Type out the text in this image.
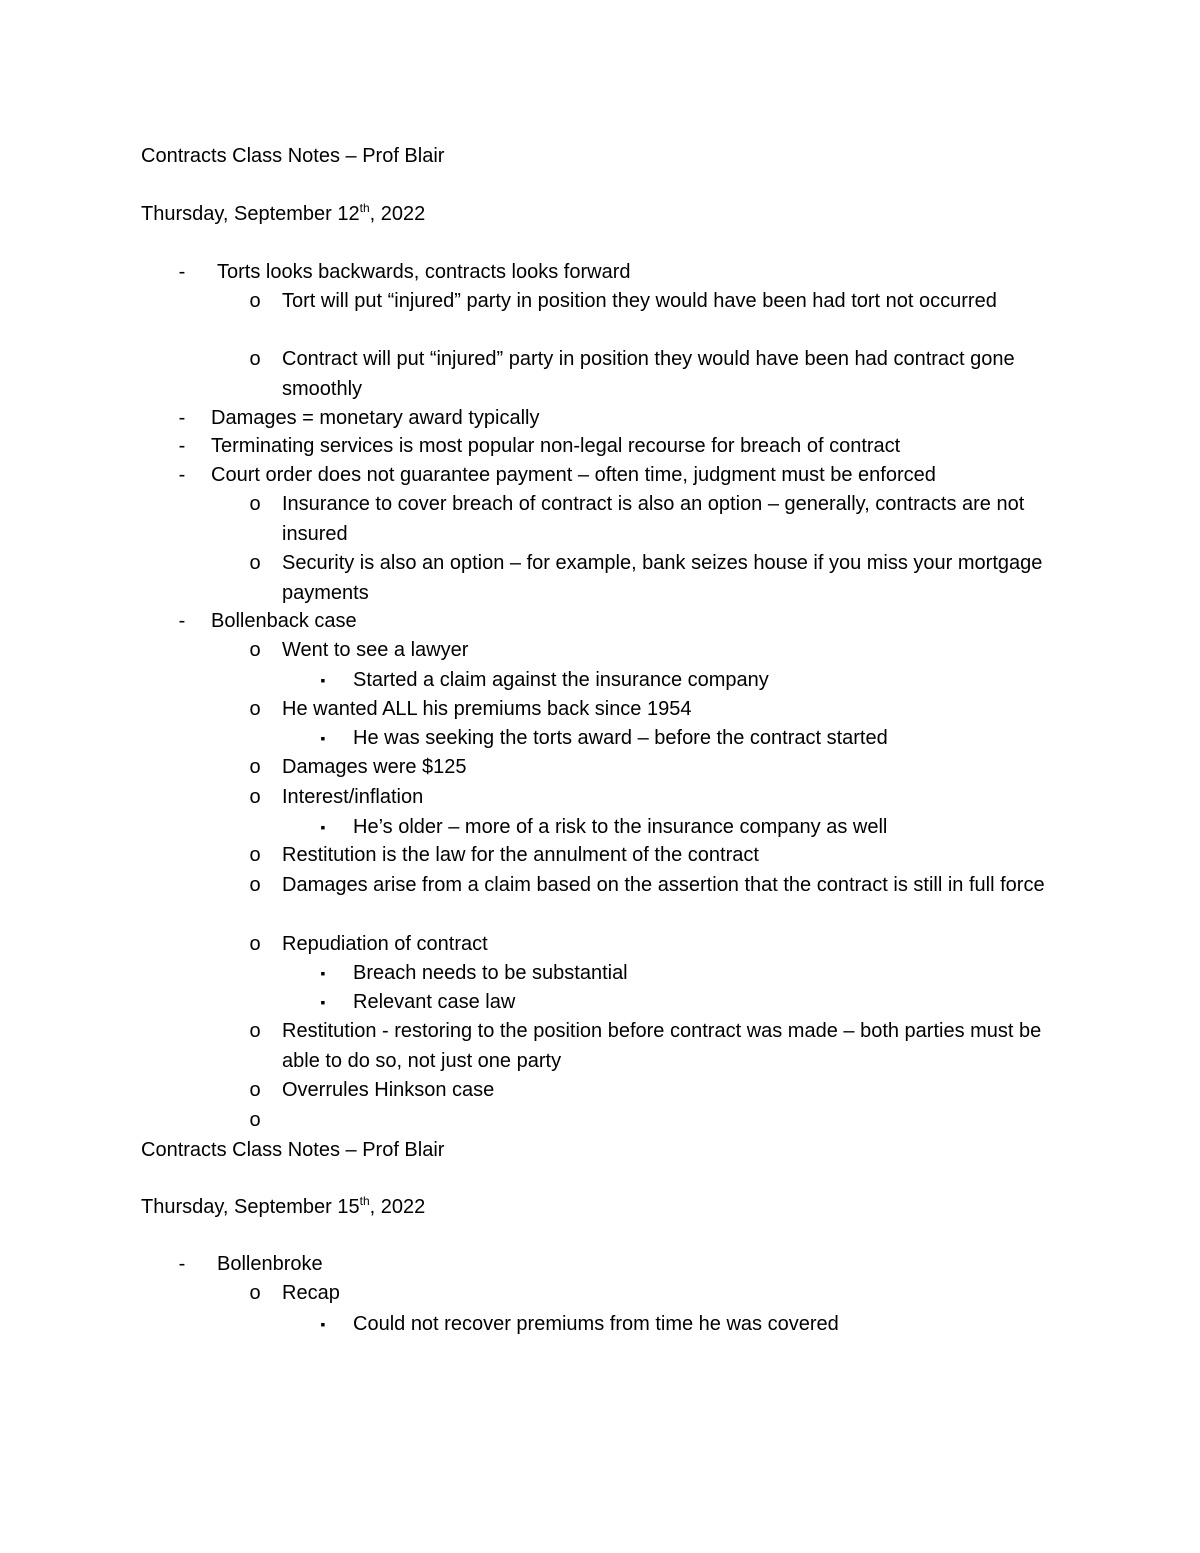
Contracts Class Notes – Prof Blair
Thursday, September 12th, 2022
- Torts looks backwards, contracts looks forward
o Tort will put “injured” party in position they would have been had tort not occurred
o Contract will put “injured” party in position they would have been had contract gone smoothly
- Damages = monetary award typically
- Terminating services is most popular non-legal recourse for breach of contract
- Court order does not guarantee payment – often time, judgment must be enforced
o Insurance to cover breach of contract is also an option – generally, contracts are not insured
o Security is also an option – for example, bank seizes house if you miss your mortgage payments
- Bollenback case
o Went to see a lawyer
▪ Started a claim against the insurance company
o He wanted ALL his premiums back since 1954
▪ He was seeking the torts award – before the contract started
o Damages were $125
o Interest/inflation
▪ He’s older – more of a risk to the insurance company as well
o Restitution is the law for the annulment of the contract
o Damages arise from a claim based on the assertion that the contract is still in full force
o Repudiation of contract
▪ Breach needs to be substantial
▪ Relevant case law
o Restitution - restoring to the position before contract was made – both parties must be able to do so, not just one party
o Overrules Hinkson case
o
Contracts Class Notes – Prof Blair
Thursday, September 15th, 2022
- Bollenbroke
o Recap
▪ Could not recover premiums from time he was covered
